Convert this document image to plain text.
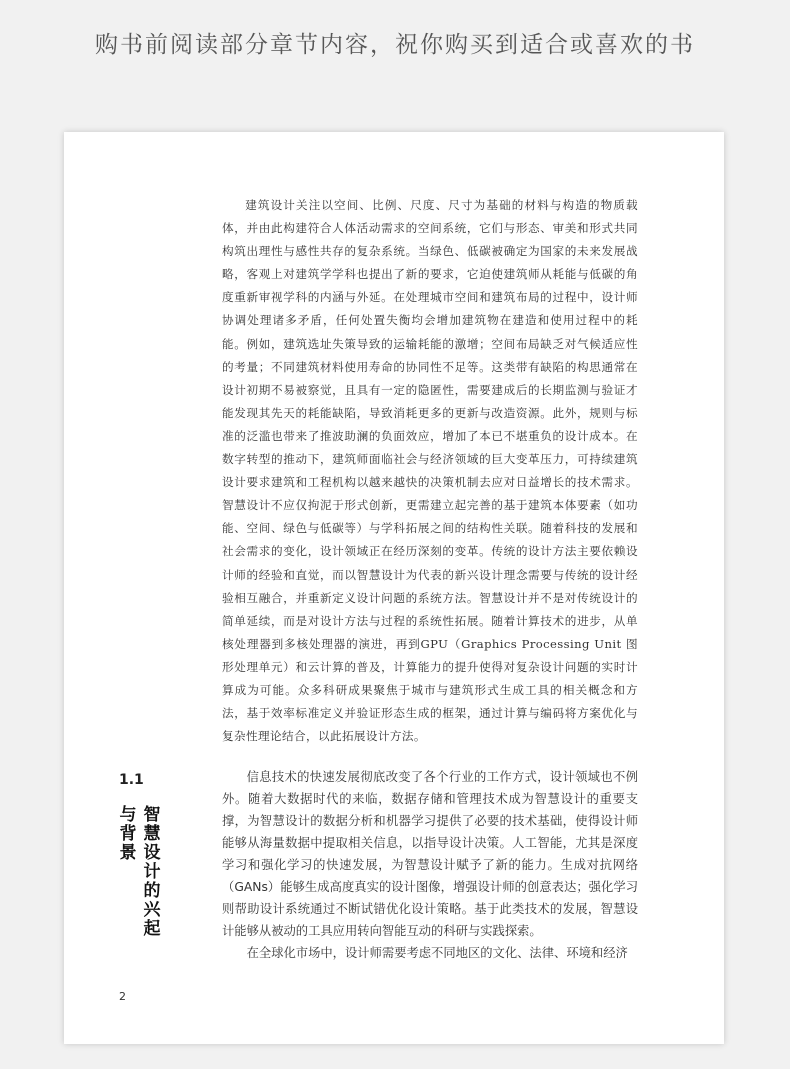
购书前阅读部分章节内容，祝你购买到适合或喜欢的书
建筑设计关注以空间、比例、尺度、尺寸为基础的材料与构造的物质载体，并由此构建符合人体活动需求的空间系统，它们与形态、审美和形式共同构筑出理性与感性共存的复杂系统。当绿色、低碳被确定为国家的未来发展战略，客观上对建筑学学科也提出了新的要求，它迫使建筑师从耗能与低碳的角度重新审视学科的内涵与外延。在处理城市空间和建筑布局的过程中，设计师协调处理诸多矛盾，任何处置失衡均会增加建筑物在建造和使用过程中的耗能。例如，建筑选址失策导致的运输耗能的激增；空间布局缺乏对气候适应性的考量；不同建筑材料使用寿命的协同性不足等。这类带有缺陷的构思通常在设计初期不易被察觉，且具有一定的隐匿性，需要建成后的长期监测与验证才能发现其先天的耗能缺陷，导致消耗更多的更新与改造资源。此外，规则与标准的泛滥也带来了推波助澜的负面效应，增加了本已不堪重负的设计成本。在数字转型的推动下，建筑师面临社会与经济领域的巨大变革压力，可持续建筑设计要求建筑和工程机构以越来越快的决策机制去应对日益增长的技术需求。智慧设计不应仅拘泥于形式创新，更需建立起完善的基于建筑本体要素（如功能、空间、绿色与低碳等）与学科拓展之间的结构性关联。随着科技的发展和社会需求的变化，设计领域正在经历深刻的变革。传统的设计方法主要依赖设计师的经验和直觉，而以智慧设计为代表的新兴设计理念需要与传统的设计经验相互融合，并重新定义设计问题的系统方法。智慧设计并不是对传统设计的简单延续，而是对设计方法与过程的系统性拓展。随着计算技术的进步，从单核处理器到多核处理器的演进，再到GPU（Graphics Processing Unit 图形处理单元）和云计算的普及，计算能力的提升使得对复杂设计问题的实时计算成为可能。众多科研成果聚焦于城市与建筑形式生成工具的相关概念和方法，基于效率标准定义并验证形态生成的框架，通过计算与编码将方案优化与复杂性理论结合，以此拓展设计方法。
1.1
智慧设计的兴起
与背景

信息技术的快速发展彻底改变了各个行业的工作方式，设计领域也不例外。随着大数据时代的来临，数据存储和管理技术成为智慧设计的重要支撑，为智慧设计的数据分析和机器学习提供了必要的技术基础，使得设计师能够从海量数据中提取相关信息，以指导设计决策。人工智能，尤其是深度学习和强化学习的快速发展，为智慧设计赋予了新的能力。生成对抗网络（GANs）能够生成高度真实的设计图像，增强设计师的创意表达；强化学习则帮助设计系统通过不断试错优化设计策略。基于此类技术的发展，智慧设计能够从被动的工具应用转向智能互动的科研与实践探索。

在全球化市场中，设计师需要考虑不同地区的文化、法律、环境和经济

2
